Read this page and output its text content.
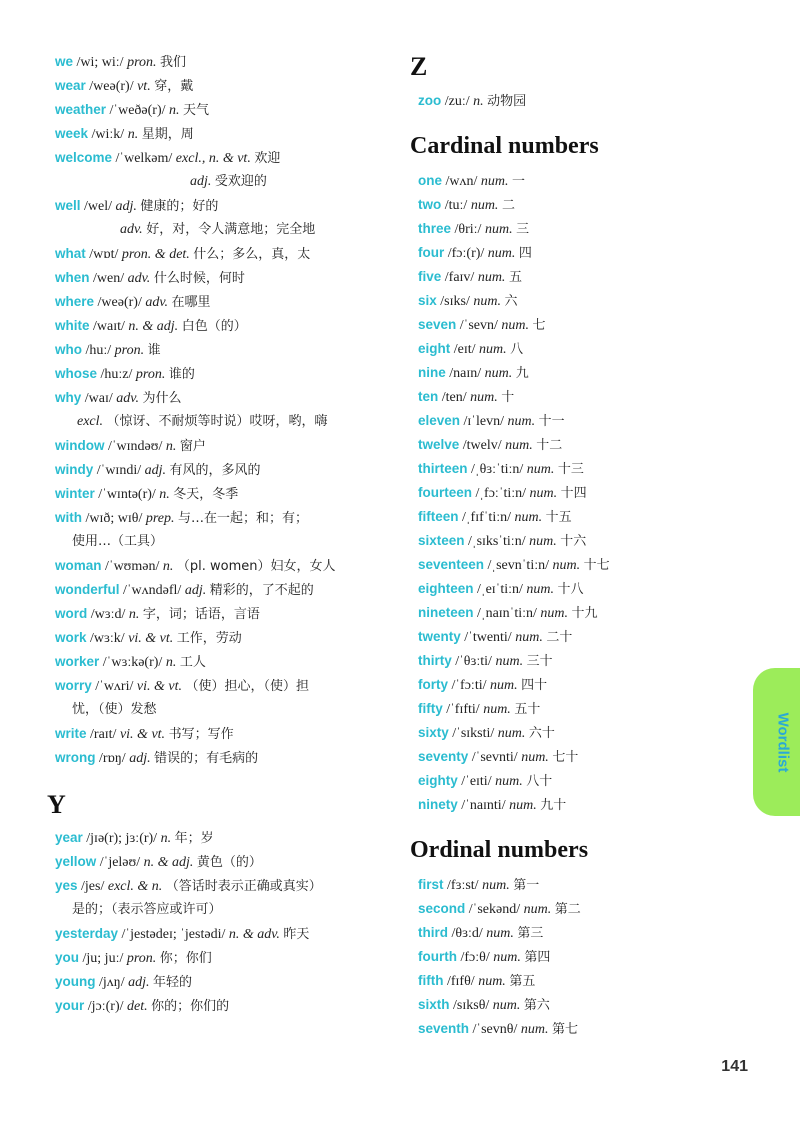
we /wi; wiː/ pron. 我们
wear /weə(r)/ vt. 穿，戴
weather /ˈweðə(r)/ n. 天气
week /wiːk/ n. 星期，周
welcome /ˈwelkəm/ excl., n. & vt. 欢迎
adj. 受欢迎的
well /wel/ adj. 健康的；好的
adv. 好，对，令人满意地；完全地
what /wɒt/ pron. & det. 什么；多么，真，太
when /wen/ adv. 什么时候，何时
where /weə(r)/ adv. 在哪里
white /waɪt/ n. & adj. 白色（的）
who /huː/ pron. 谁
whose /huːz/ pron. 谁的
why /waɪ/ adv. 为什么
excl. （惊讶、不耐烦等时说）哎呀，哟，嗨
window /ˈwɪndəʊ/ n. 窗户
windy /ˈwɪndi/ adj. 有风的，多风的
winter /ˈwɪntə(r)/ n. 冬天，冬季
with /wɪð; wɪθ/ prep. 与…在一起；和；有；
使用…（工具）
woman /ˈwʊmən/ n. （pl. women）妇女，女人
wonderful /ˈwʌndəfl/ adj. 精彩的，了不起的
word /wɜːd/ n. 字，词；话语，言语
work /wɜːk/ vi. & vt. 工作，劳动
worker /ˈwɜːkə(r)/ n. 工人
worry /ˈwʌri/ vi. & vt. （使）担心，（使）担
忧，（使）发愁
write /raɪt/ vi. & vt. 书写；写作
wrong /rɒŋ/ adj. 错误的；有毛病的
Y
year /jɪə(r); jɜː(r)/ n. 年；岁
yellow /ˈjeləʊ/ n. & adj. 黄色（的）
yes /jes/ excl. & n. （答话时表示正确或真实）
是的；（表示答应或许可）
yesterday /ˈjestədeɪ; ˈjestədi/ n. & adv. 昨天
you /ju; juː/ pron. 你；你们
young /jʌŋ/ adj. 年轻的
your /jɔː(r)/ det. 你的；你们的
Z
zoo /zuː/ n. 动物园
Cardinal numbers
one /wʌn/ num. 一
two /tuː/ num. 二
three /θriː/ num. 三
four /fɔː(r)/ num. 四
five /faɪv/ num. 五
six /sɪks/ num. 六
seven /ˈsevn/ num. 七
eight /eɪt/ num. 八
nine /naɪn/ num. 九
ten /ten/ num. 十
eleven /ɪˈlevn/ num. 十一
twelve /twelv/ num. 十二
thirteen /ˌθɜːˈtiːn/ num. 十三
fourteen /ˌfɔːˈtiːn/ num. 十四
fifteen /ˌfɪfˈtiːn/ num. 十五
sixteen /ˌsɪksˈtiːn/ num. 十六
seventeen /ˌsevnˈtiːn/ num. 十七
eighteen /ˌeɪˈtiːn/ num. 十八
nineteen /ˌnaɪnˈtiːn/ num. 十九
twenty /ˈtwenti/ num. 二十
thirty /ˈθɜːti/ num. 三十
forty /ˈfɔːti/ num. 四十
fifty /ˈfɪfti/ num. 五十
sixty /ˈsɪksti/ num. 六十
seventy /ˈsevnti/ num. 七十
eighty /ˈeɪti/ num. 八十
ninety /ˈnaɪnti/ num. 九十
Ordinal numbers
first /fɜːst/ num. 第一
second /ˈsekənd/ num. 第二
third /θɜːd/ num. 第三
fourth /fɔːθ/ num. 第四
fifth /fɪfθ/ num. 第五
sixth /sɪksθ/ num. 第六
seventh /ˈsevnθ/ num. 第七
Wordlist
141
